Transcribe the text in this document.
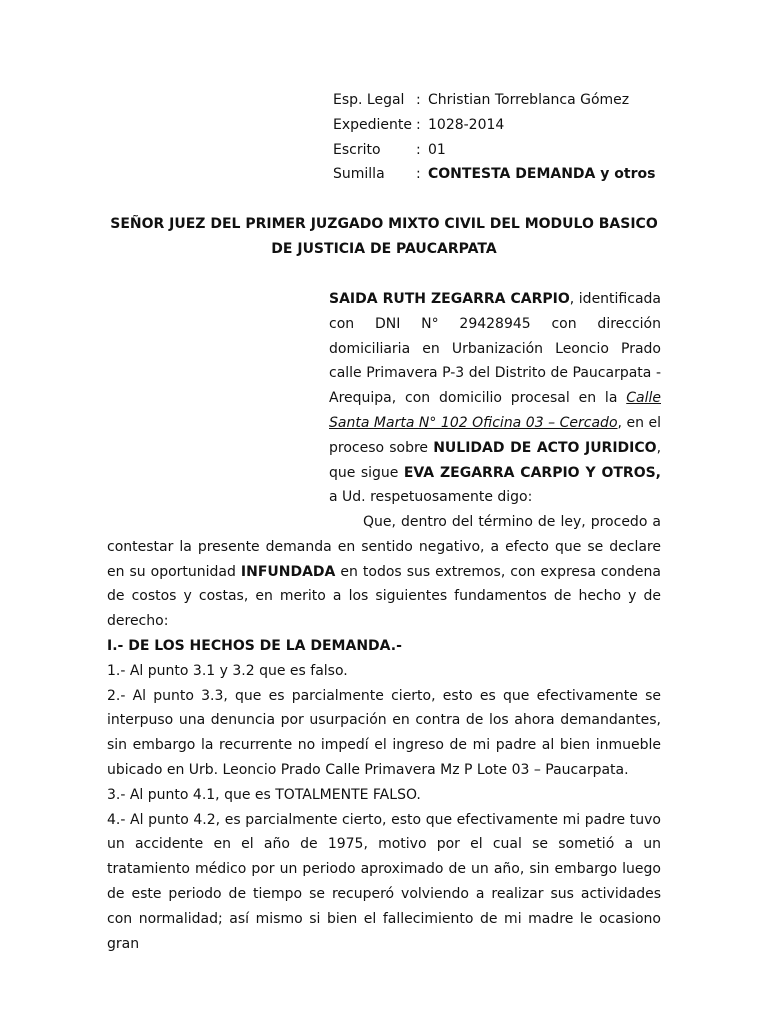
Esp. Legal : Christian Torreblanca Gómez
Expediente : 1028-2014
Escrito	: 01
Sumilla	: CONTESTA DEMANDA y otros
SEÑOR JUEZ DEL PRIMER JUZGADO MIXTO CIVIL DEL MODULO BASICO
DE JUSTICIA DE PAUCARPATA
SAIDA RUTH ZEGARRA CARPIO, identificada con DNI N° 29428945 con dirección domiciliaria en Urbanización Leoncio Prado calle Primavera P-3 del Distrito de Paucarpata - Arequipa, con domicilio procesal en la Calle Santa Marta N° 102 Oficina 03 – Cercado, en el proceso sobre NULIDAD DE ACTO JURIDICO, que sigue EVA ZEGARRA CARPIO Y OTROS, a Ud. respetuosamente digo:

Que, dentro del término de ley, procedo a contestar la presente demanda en sentido negativo, a efecto que se declare en su oportunidad INFUNDADA en todos sus extremos, con expresa condena de costos y costas, en merito a los siguientes fundamentos de hecho y de derecho:

I.- DE LOS HECHOS DE LA DEMANDA.-

1.- Al punto 3.1 y 3.2 que es falso.

2.- Al punto 3.3, que es parcialmente cierto, esto es que efectivamente se interpuso una denuncia por usurpación en contra de los ahora demandantes, sin embargo la recurrente no impedí el ingreso de mi padre al bien inmueble ubicado en Urb. Leoncio Prado Calle Primavera Mz P Lote 03 – Paucarpata.

3.- Al punto 4.1, que es TOTALMENTE FALSO.

4.- Al punto 4.2, es parcialmente cierto, esto que efectivamente mi padre tuvo un accidente en el año de 1975, motivo por el cual se sometió a un tratamiento médico por un periodo aproximado de un año, sin embargo luego de este periodo de tiempo se recuperó volviendo a realizar sus actividades con normalidad; así mismo si bien el fallecimiento de mi madre le ocasiono gran
